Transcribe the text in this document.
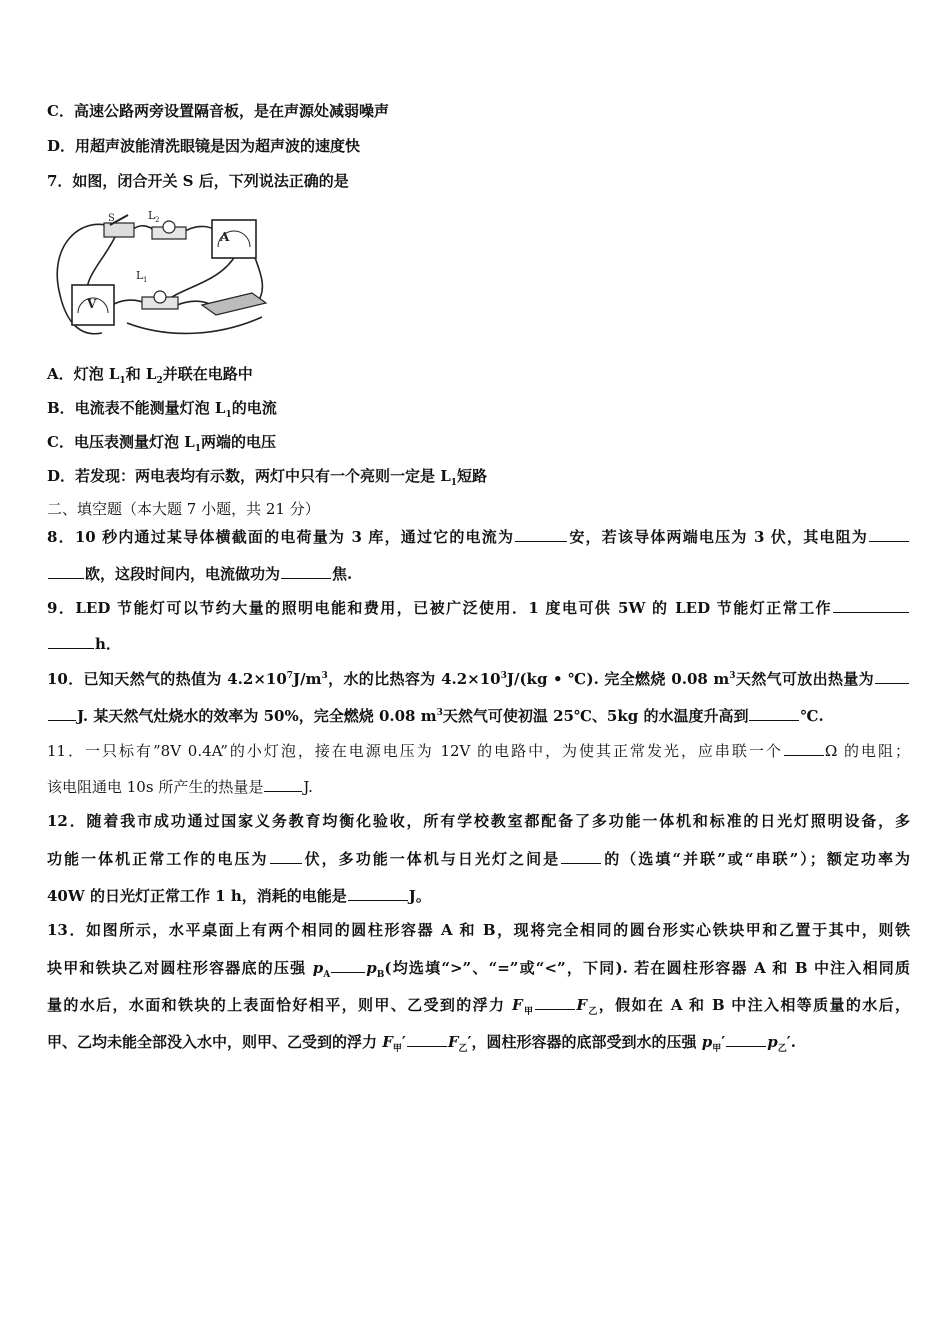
C．高速公路两旁设置隔音板，是在声源处减弱噪声
D．用超声波能清洗眼镜是因为超声波的速度快
7．如图，闭合开关 S 后，下列说法正确的是
A
V
S	L 2
L 1
A．灯泡 $L_1$和 $L_2$并联在电路中
B．电流表不能测量灯泡 $L_1$的电流
C．电压表测量灯泡 $L_1$两端的电压
D．若发现：两电表均有示数，两灯中只有一个亮则一定是 $L_1$短路
二、填空题（本大题 7 小题，共 21 分）
8．10 秒内通过某导体横截面的电荷量为 3 库，通过它的电流为	安，若该导体两端电压为 3 伏，其电阻为
欧，这段时间内，电流做功为	焦.
9．LED 节能灯可以节约大量的照明电能和费用，已被广泛使用．1 度电可供 5W 的 LED 节能灯正常工作
h．
10．已知天然气的热值为 $4.2\times 10^7J/m^3$，水的比热容为 $4.2\times 10^3J/(kg$ • ℃). 完全燃烧 0.08 $m^3$天然气可放出热量为
J. 某天然气灶烧水的效率为 50%，完全燃烧 0.08 $m^3$天然气可使初温 25℃、5kg 的水温度升高到	℃.
11．一只标有”8V 0.4A”的小灯泡，接在电源电压为 12V 的电路中，为使其正常发光，应串联一个	Ω 的电阻；
该电阻通电 10s 所产生的热量是	J.
12．随着我市成功通过国家义务教育均衡化验收，所有学校教室都配备了多功能一体机和标准的日光灯照明设备，多
功能一体机正常工作的电压为 伏，多功能一体机与日光灯之间是	的（选填“并联”或“串联”）；额定功率为
40W 的日光灯正常工作 1 h，消耗的电能是	J。
13．如图所示，水平桌面上有两个相同的圆柱形容器 A 和 B，现将完全相同的圆台形实心铁块甲和乙置于其中，则铁
块甲和铁块乙对圆柱形容器底的压强 $p_A$ $p_B$(均选填“>”、“=”或“<”，下同). 若在圆柱形容器 A 和 B 中注入相同质
量的水后，水面和铁块的上表面恰好相平，则甲、乙受到的浮力 $F_甲$	$F_乙$，假如在 A 和 B 中注入相等质量的水后，
甲、乙均未能全部没入水中，则甲、乙受到的浮力 $F_甲'$	$F_乙'$，圆柱形容器的底部受到水的压强 $p_甲'$	$p_乙'$.
